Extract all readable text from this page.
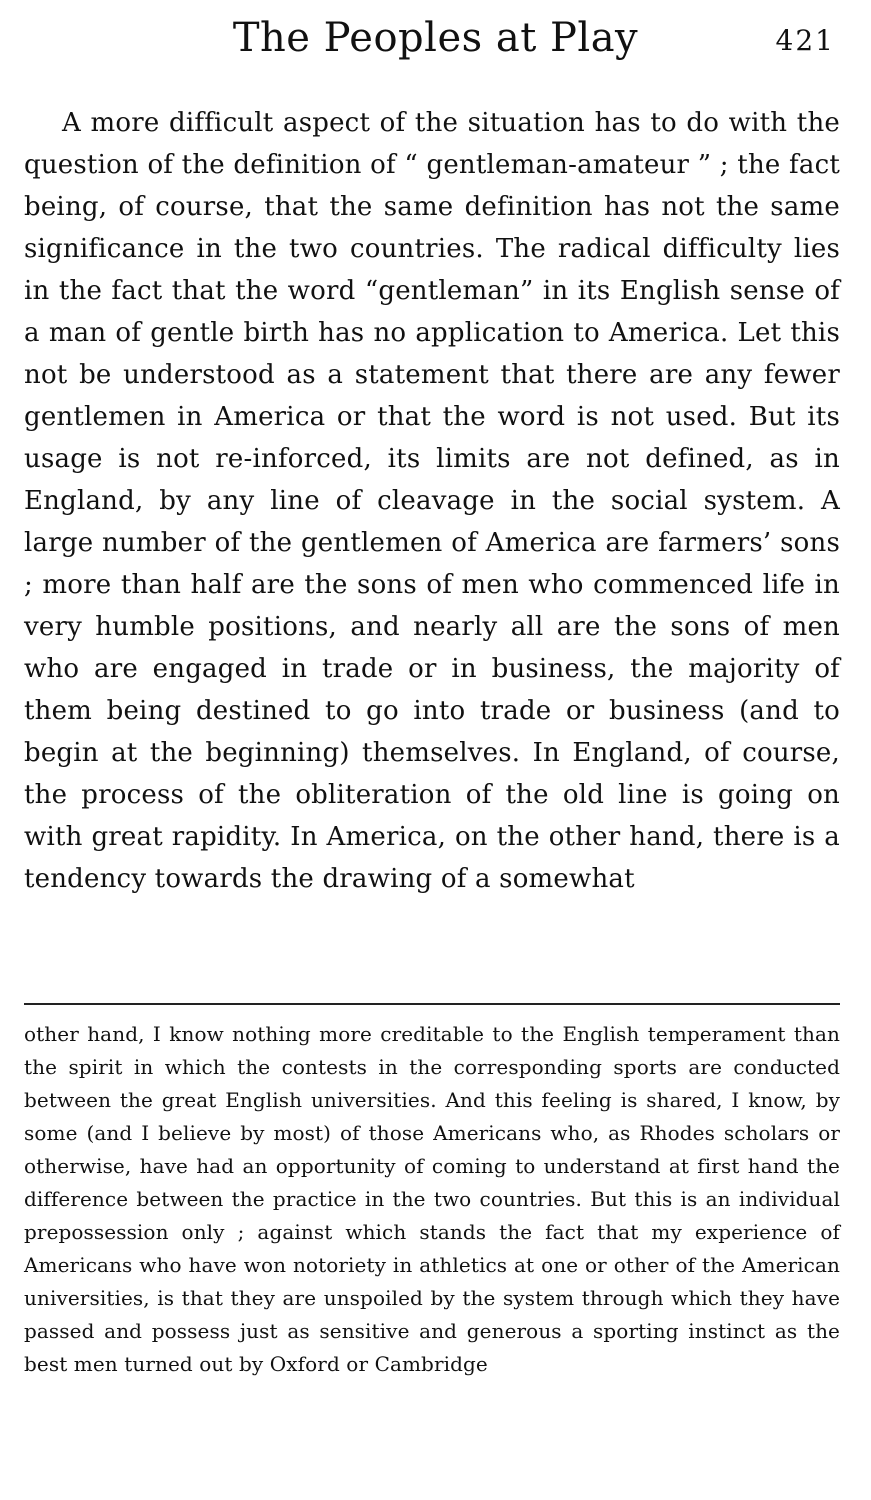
The Peoples at Play	421

A more difficult aspect of the situation has to do with the question of the definition of “ gentleman-amateur ” ; the fact being, of course, that the same definition has not the same significance in the two countries. The radical difficulty lies in the fact that the word “gentleman” in its English sense of a man of gentle birth has no application to America. Let this not be understood as a statement that there are any fewer gentlemen in America or that the word is not used. But its usage is not re-inforced, its limits are not defined, as in England, by any line of cleavage in the social system. A large number of the gentlemen of America are farmers’ sons ; more than half are the sons of men who commenced life in very humble positions, and nearly all are the sons of men who are engaged in trade or in business, the majority of them being destined to go into trade or business (and to begin at the beginning) themselves. In England, of course, the process of the obliteration of the old line is going on with great rapidity. In America, on the other hand, there is a tendency towards the drawing of a somewhat

other hand, I know nothing more creditable to the English temperament than the spirit in which the contests in the corresponding sports are conducted between the great English universities. And this feeling is shared, I know, by some (and I believe by most) of those Americans who, as Rhodes scholars or otherwise, have had an opportunity of coming to understand at first hand the difference between the practice in the two countries. But this is an individual prepossession only ; against which stands the fact that my experience of Americans who have won notoriety in athletics at one or other of the American universities, is that they are unspoiled by the system through which they have passed and possess just as sensitive and generous a sporting instinct as the best men turned out by Oxford or Cambridge
